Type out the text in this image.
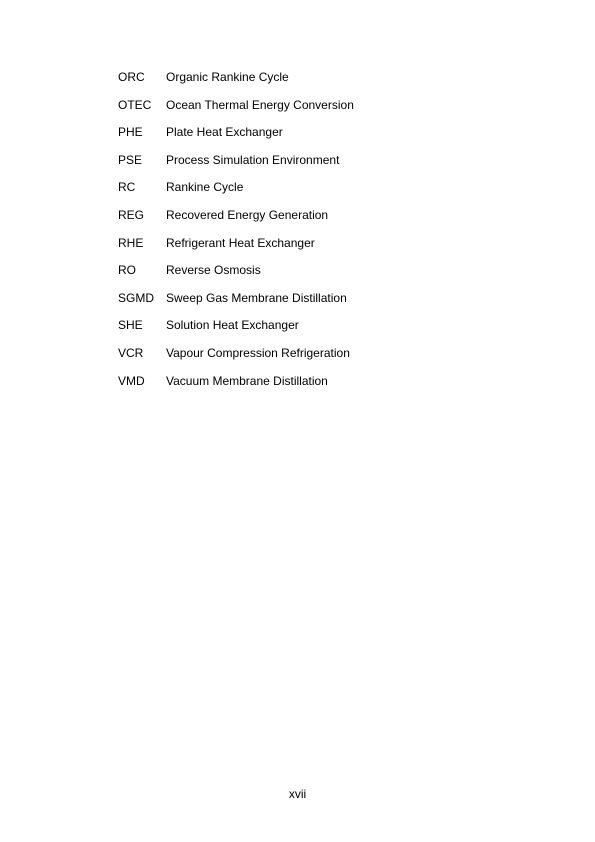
ORC	Organic Rankine Cycle
OTEC	Ocean Thermal Energy Conversion
PHE	Plate Heat Exchanger
PSE	Process Simulation Environment
RC	Rankine Cycle
REG	Recovered Energy Generation
RHE	Refrigerant Heat Exchanger
RO	Reverse Osmosis
SGMD	Sweep Gas Membrane Distillation
SHE	Solution Heat Exchanger
VCR	Vapour Compression Refrigeration
VMD	Vacuum Membrane Distillation
xvii
